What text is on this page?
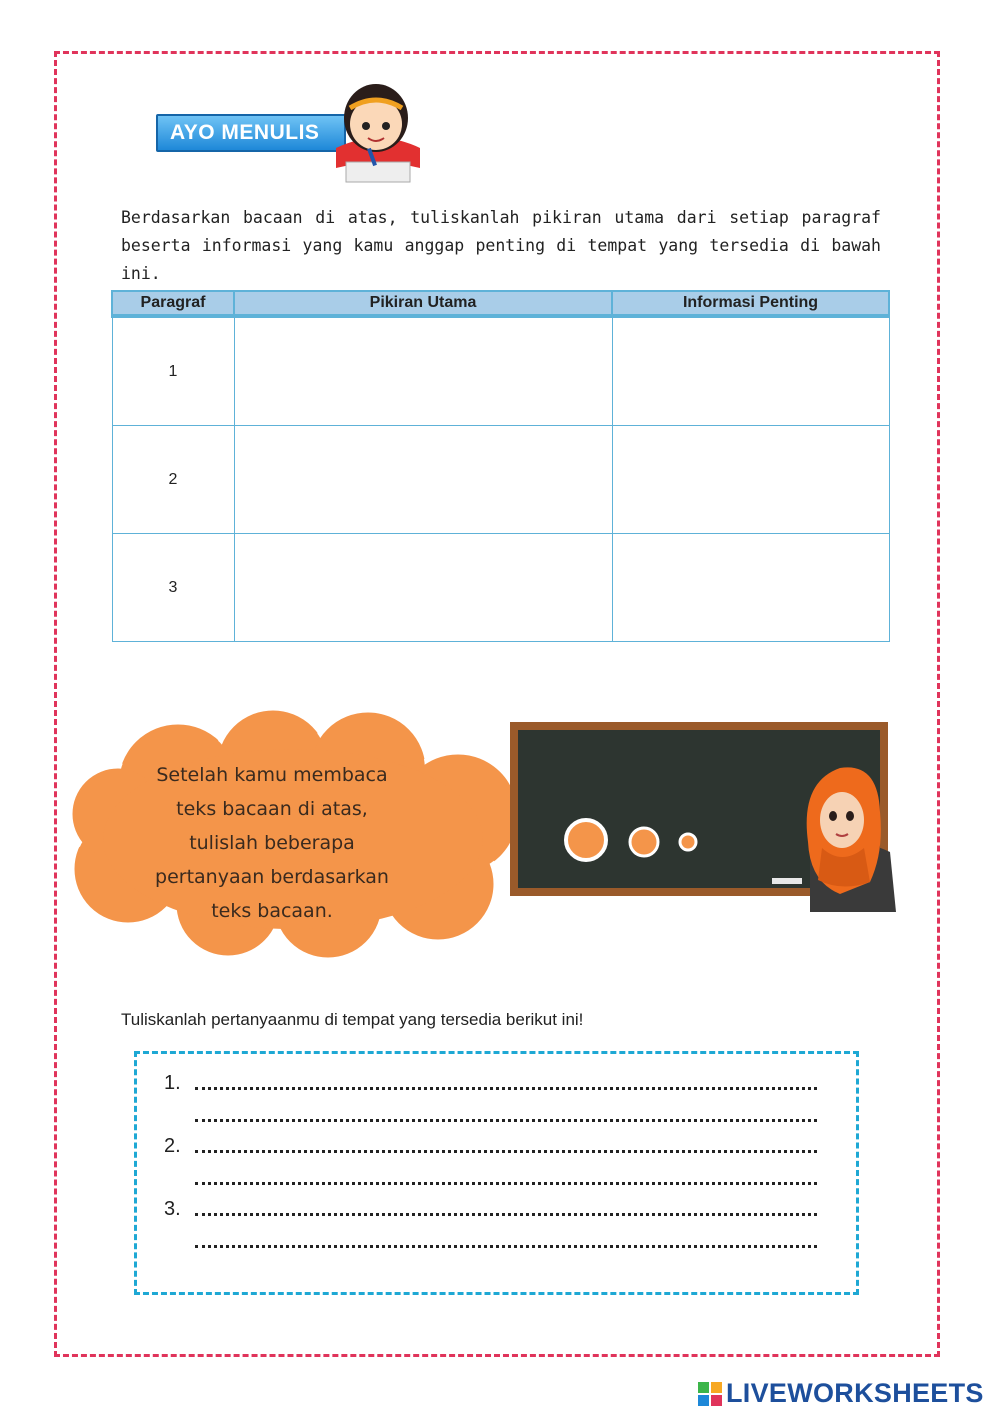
AYO MENULIS
Berdasarkan bacaan di atas, tuliskanlah pikiran utama dari setiap paragraf beserta informasi yang kamu anggap penting di tempat yang tersedia di bawah ini.
Paragraf	Pikiran Utama	Informasi Penting
1		
2		
3		
Setelah kamu membaca
teks bacaan di atas,
tulislah beberapa
pertanyaan berdasarkan
teks bacaan.
Tuliskanlah pertanyaanmu di tempat yang tersedia berikut ini!
1.
2.
3.
LIVEWORKSHEETS
